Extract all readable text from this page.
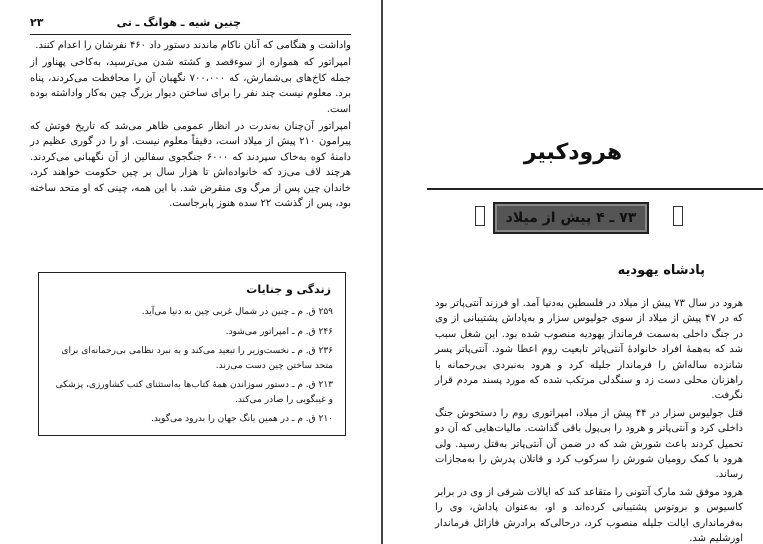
۲۳	چنین شیه ـ هوانگ ـ تی

واداشت و هنگامی که آنان ناکام ماندند دستور داد ۴۶۰ نفرشان را اعدام کنند.

امپراتور که همواره از سوءقصد و کشته شدن می‌ترسید، به‌کاخی پهناور از جمله کاخ‌های بی‌شمارش، که ۷۰۰،۰۰۰ نگهبان آن را محافظت می‌کردند، پناه برد. معلوم نیست چند نفر را برای ساختن دیوار بزرگ چین به‌کار واداشته بوده است.

امپراتور آن‌چنان به‌ندرت در انظار عمومی ظاهر می‌شد که تاریخ فوتش که پیرامون ۲۱۰ پیش از میلاد است، دقیقاً معلوم نیست. او را در گوری عظیم در دامنهٔ کوه به‌خاک سپردند که ۶۰۰۰ جنگجوی سفالین از آن نگهبانی می‌کردند. هرچند لاف می‌زد که خانواده‌اش تا هزار سال بر چین حکومت خواهند کرد، خاندان چین پس از مرگ وی منقرض شد. با این همه، چینی که او متحد ساخته بود، پس از گذشت ۲۲ سده هنوز پابرجاست.

زندگی و جنایات
۲۵۹ ق. م ـ چنین در شمال غربی چین به دنیا می‌آید.
۲۴۶ ق. م ـ امپراتور می‌شود.
۲۳۶ ق. م ـ نخست‌وزیر را تبعید می‌کند و به نبرد نظامی بی‌رحمانه‌ای برای متحد ساختن چین دست می‌زند.
۲۱۳ ق. م ـ دستور سوزاندن همهٔ کتاب‌ها به‌استثنای کتب کشاورزی، پزشکی و غیبگویی را صادر می‌کند.
۲۱۰ ق. م ـ در همین یانگ جهان را بدرود می‌گوید.
هرودکبیر
۷۳ ـ ۴ پیش از میلاد
پادشاه یهودیه

هرود در سال ۷۳ پیش از میلاد در فلسطین به‌دنیا آمد. او فرزند آنتی‌پاتر بود که در ۴۷ پیش از میلاد از سوی جولیوس سزار و به‌پاداش پشتیبانی از وی در جنگ داخلی به‌سمت فرمانداز یهودیه منصوب شده بود. این شغل سبب شد که به‌همهٔ افراد خانوادهٔ آنتی‌پاتر تابعیت روم اعطا شود. آنتی‌پاتر پسر شانزده ساله‌اش را فرماندار جلیله کرد و هرود به‌نبردی بی‌رحمانه با راهزنان محلی دست زد و سنگدلی مرتکب شده که مورد پسند مردم قرار نگرفت.

قتل جولیوس سزار در ۴۴ پیش از میلاد، امپراتوری روم را دستخوش جنگ داخلی کرد و آنتی‌پاتر و هرود را بی‌پول باقی گذاشت. مالیات‌هایی که آن دو تحمیل کردند باعث شورش شد که در ضمن آن آنتی‌پاتر به‌قتل رسید. ولی هرود با کمک رومیان شورش را سرکوب کرد و قاتلان پدرش را به‌مجازات رساند.

هرود موفق شد مارک آنتونی را متقاعد کند که ایالات شرقی از وی در برابر کاسیوس و بروتوس پشتیبانی کرده‌اند و او، به‌عنوان پاداش، وی را به‌فرمانداری ایالت جلیله منصوب کرد، درحالی‌که برادرش فازائل فرماندار اورشلیم شد.
